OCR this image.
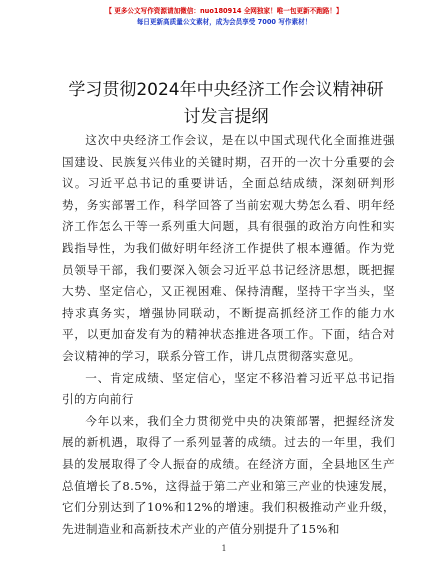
【 更多公文写作资源请加微信：nuo180914 全网独家！唯一包更新不跑路！】
每日更新高质量公文素材，成为会员享受 7000 写作素材！
学习贯彻2024年中央经济工作会议精神研讨发言提纲

这次中央经济工作会议，是在以中国式现代化全面推进强国建设、民族复兴伟业的关键时期，召开的一次十分重要的会议。习近平总书记的重要讲话，全面总结成绩，深刻研判形势，务实部署工作，科学回答了当前宏观大势怎么看、明年经济工作怎么干等一系列重大问题，具有很强的政治方向性和实践指导性，为我们做好明年经济工作提供了根本遵循。作为党员领导干部，我们要深入领会习近平总书记经济思想，既把握大势、坚定信心，又正视困难、保持清醒，坚持干字当头，坚持求真务实，增强协同联动，不断提高抓经济工作的能力水平，以更加奋发有为的精神状态推进各项工作。下面，结合对会议精神的学习，联系分管工作，讲几点贯彻落实意见。

一、肯定成绩、坚定信心，坚定不移沿着习近平总书记指引的方向前行

今年以来，我们全力贯彻党中央的决策部署，把握经济发展的新机遇，取得了一系列显著的成绩。过去的一年里，我们县的发展取得了令人振奋的成绩。在经济方面，全县地区生产总值增长了8.5%，这得益于第二产业和第三产业的快速发展，它们分别达到了10%和12%的增速。我们积极推动产业升级，先进制造业和高新技术产业的产值分别提升了15%和

1
